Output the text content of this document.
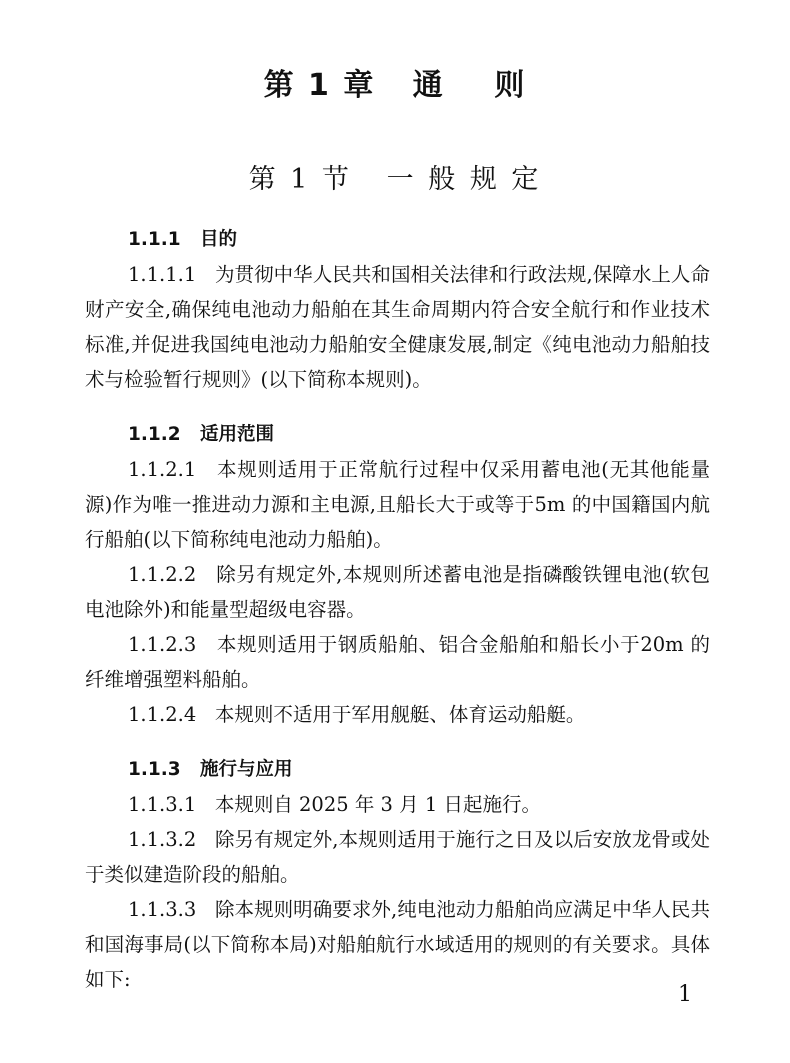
第 1 章   通    则
第 1 节   一 般 规 定
1.1.1   目的

1.1.1.1   为贯彻中华人民共和国相关法律和行政法规,保障水上人命财产安全,确保纯电池动力船舶在其生命周期内符合安全航行和作业技术标准,并促进我国纯电池动力船舶安全健康发展,制定《纯电池动力船舶技术与检验暂行规则》(以下简称本规则)。

1.1.2   适用范围

1.1.2.1   本规则适用于正常航行过程中仅采用蓄电池(无其他能量源)作为唯一推进动力源和主电源,且船长大于或等于5m 的中国籍国内航行船舶(以下简称纯电池动力船舶)。

1.1.2.2   除另有规定外,本规则所述蓄电池是指磷酸铁锂电池(软包电池除外)和能量型超级电容器。

1.1.2.3   本规则适用于钢质船舶、铝合金船舶和船长小于20m 的纤维增强塑料船舶。

1.1.2.4   本规则不适用于军用舰艇、体育运动船艇。

1.1.3   施行与应用

1.1.3.1   本规则自 2025 年 3 月 1 日起施行。

1.1.3.2   除另有规定外,本规则适用于施行之日及以后安放龙骨或处于类似建造阶段的船舶。

1.1.3.3   除本规则明确要求外,纯电池动力船舶尚应满足中华人民共和国海事局(以下简称本局)对船舶航行水域适用的规则的有关要求。具体如下:

1
